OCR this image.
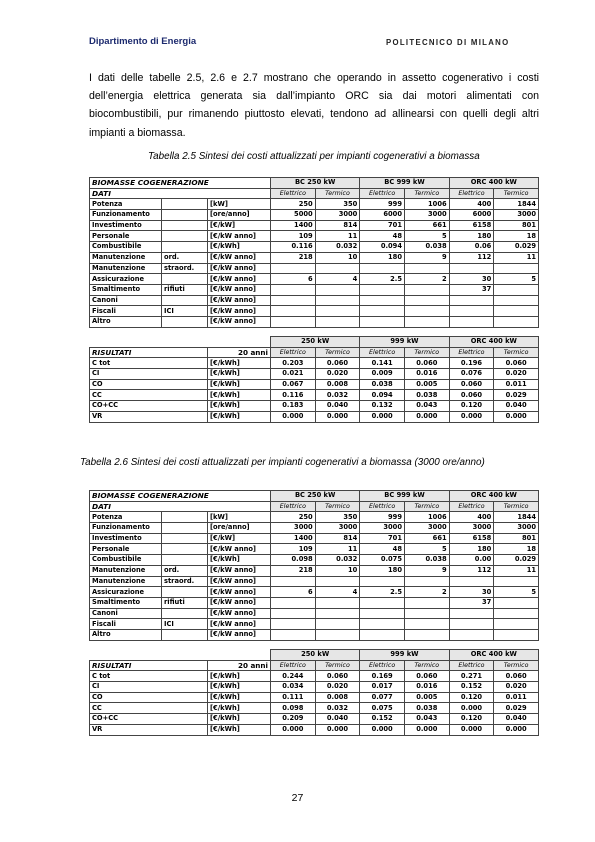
Dipartimento di Energia	POLITECNICO DI MILANO

I dati delle tabelle 2.5, 2.6 e 2.7 mostrano che operando in assetto cogenerativo i costi dell’energia elettrica generata sia dall’impianto ORC sia dai motori alimentati con biocombustibili, pur rimanendo piuttosto elevati, tendono ad allinearsi con quelli degli altri impianti a biomassa.

Tabella 2.5 Sintesi dei costi attualizzati per impianti cogenerativi a biomassa
BIOMASSE COGENERAZIONE			BC 250 kW		BC 999 kW		ORC 400 kW	
DATI			Elettrico	Termico	Elettrico	Termico	Elettrico	Termico
Potenza		[kW]	250	350	999	1006	400	1844
Funzionamento		[ore/anno]	5000	3000	6000	3000	6000	3000
Investimento		[€/kW]	1400	814	701	661	6158	801
Personale		[€/kW anno]	109	11	48	5	180	18
Combustibile		[€/kWh]	0.116	0.032	0.094	0.038	0.06	0.029
Manutenzione	ord.	[€/kW anno]	218	10	180	9	112	11
Manutenzione	straord.	[€/kW anno]						
Assicurazione		[€/kW anno]	6	4	2.5	2	30	5
Smaltimento	rifiuti	[€/kW anno]					37	
Canoni		[€/kW anno]						
Fiscali	ICI	[€/kW anno]						
Altro		[€/kW anno]						
		250 kW		999 kW		ORC 400 kW	
RISULTATI	20 anni	Elettrico	Termico	Elettrico	Termico	Elettrico	Termico
C tot	[€/kWh]	0.203	0.060	0.141	0.060	0.196	0.060
CI	[€/kWh]	0.021	0.020	0.009	0.016	0.076	0.020
CO	[€/kWh]	0.067	0.008	0.038	0.005	0.060	0.011
CC	[€/kWh]	0.116	0.032	0.094	0.038	0.060	0.029
CO+CC	[€/kWh]	0.183	0.040	0.132	0.043	0.120	0.040
VR	[€/kWh]	0.000	0.000	0.000	0.000	0.000	0.000
Tabella 2.6 Sintesi dei costi attualizzati per impianti cogenerativi a biomassa (3000 ore/anno)
BIOMASSE COGENERAZIONE			BC 250 kW		BC 999 kW		ORC 400 kW	
DATI			Elettrico	Termico	Elettrico	Termico	Elettrico	Termico
Potenza		[kW]	250	350	999	1006	400	1844
Funzionamento		[ore/anno]	3000	3000	3000	3000	3000	3000
Investimento		[€/kW]	1400	814	701	661	6158	801
Personale		[€/kW anno]	109	11	48	5	180	18
Combustibile		[€/kWh]	0.098	0.032	0.075	0.038	0.00	0.029
Manutenzione	ord.	[€/kW anno]	218	10	180	9	112	11
Manutenzione	straord.	[€/kW anno]						
Assicurazione		[€/kW anno]	6	4	2.5	2	30	5
Smaltimento	rifiuti	[€/kW anno]					37	
Canoni		[€/kW anno]						
Fiscali	ICI	[€/kW anno]						
Altro		[€/kW anno]						
		250 kW		999 kW		ORC 400 kW	
RISULTATI	20 anni	Elettrico	Termico	Elettrico	Termico	Elettrico	Termico
C tot	[€/kWh]	0.244	0.060	0.169	0.060	0.271	0.060
CI	[€/kWh]	0.034	0.020	0.017	0.016	0.152	0.020
CO	[€/kWh]	0.111	0.008	0.077	0.005	0.120	0.011
CC	[€/kWh]	0.098	0.032	0.075	0.038	0.000	0.029
CO+CC	[€/kWh]	0.209	0.040	0.152	0.043	0.120	0.040
VR	[€/kWh]	0.000	0.000	0.000	0.000	0.000	0.000
27
